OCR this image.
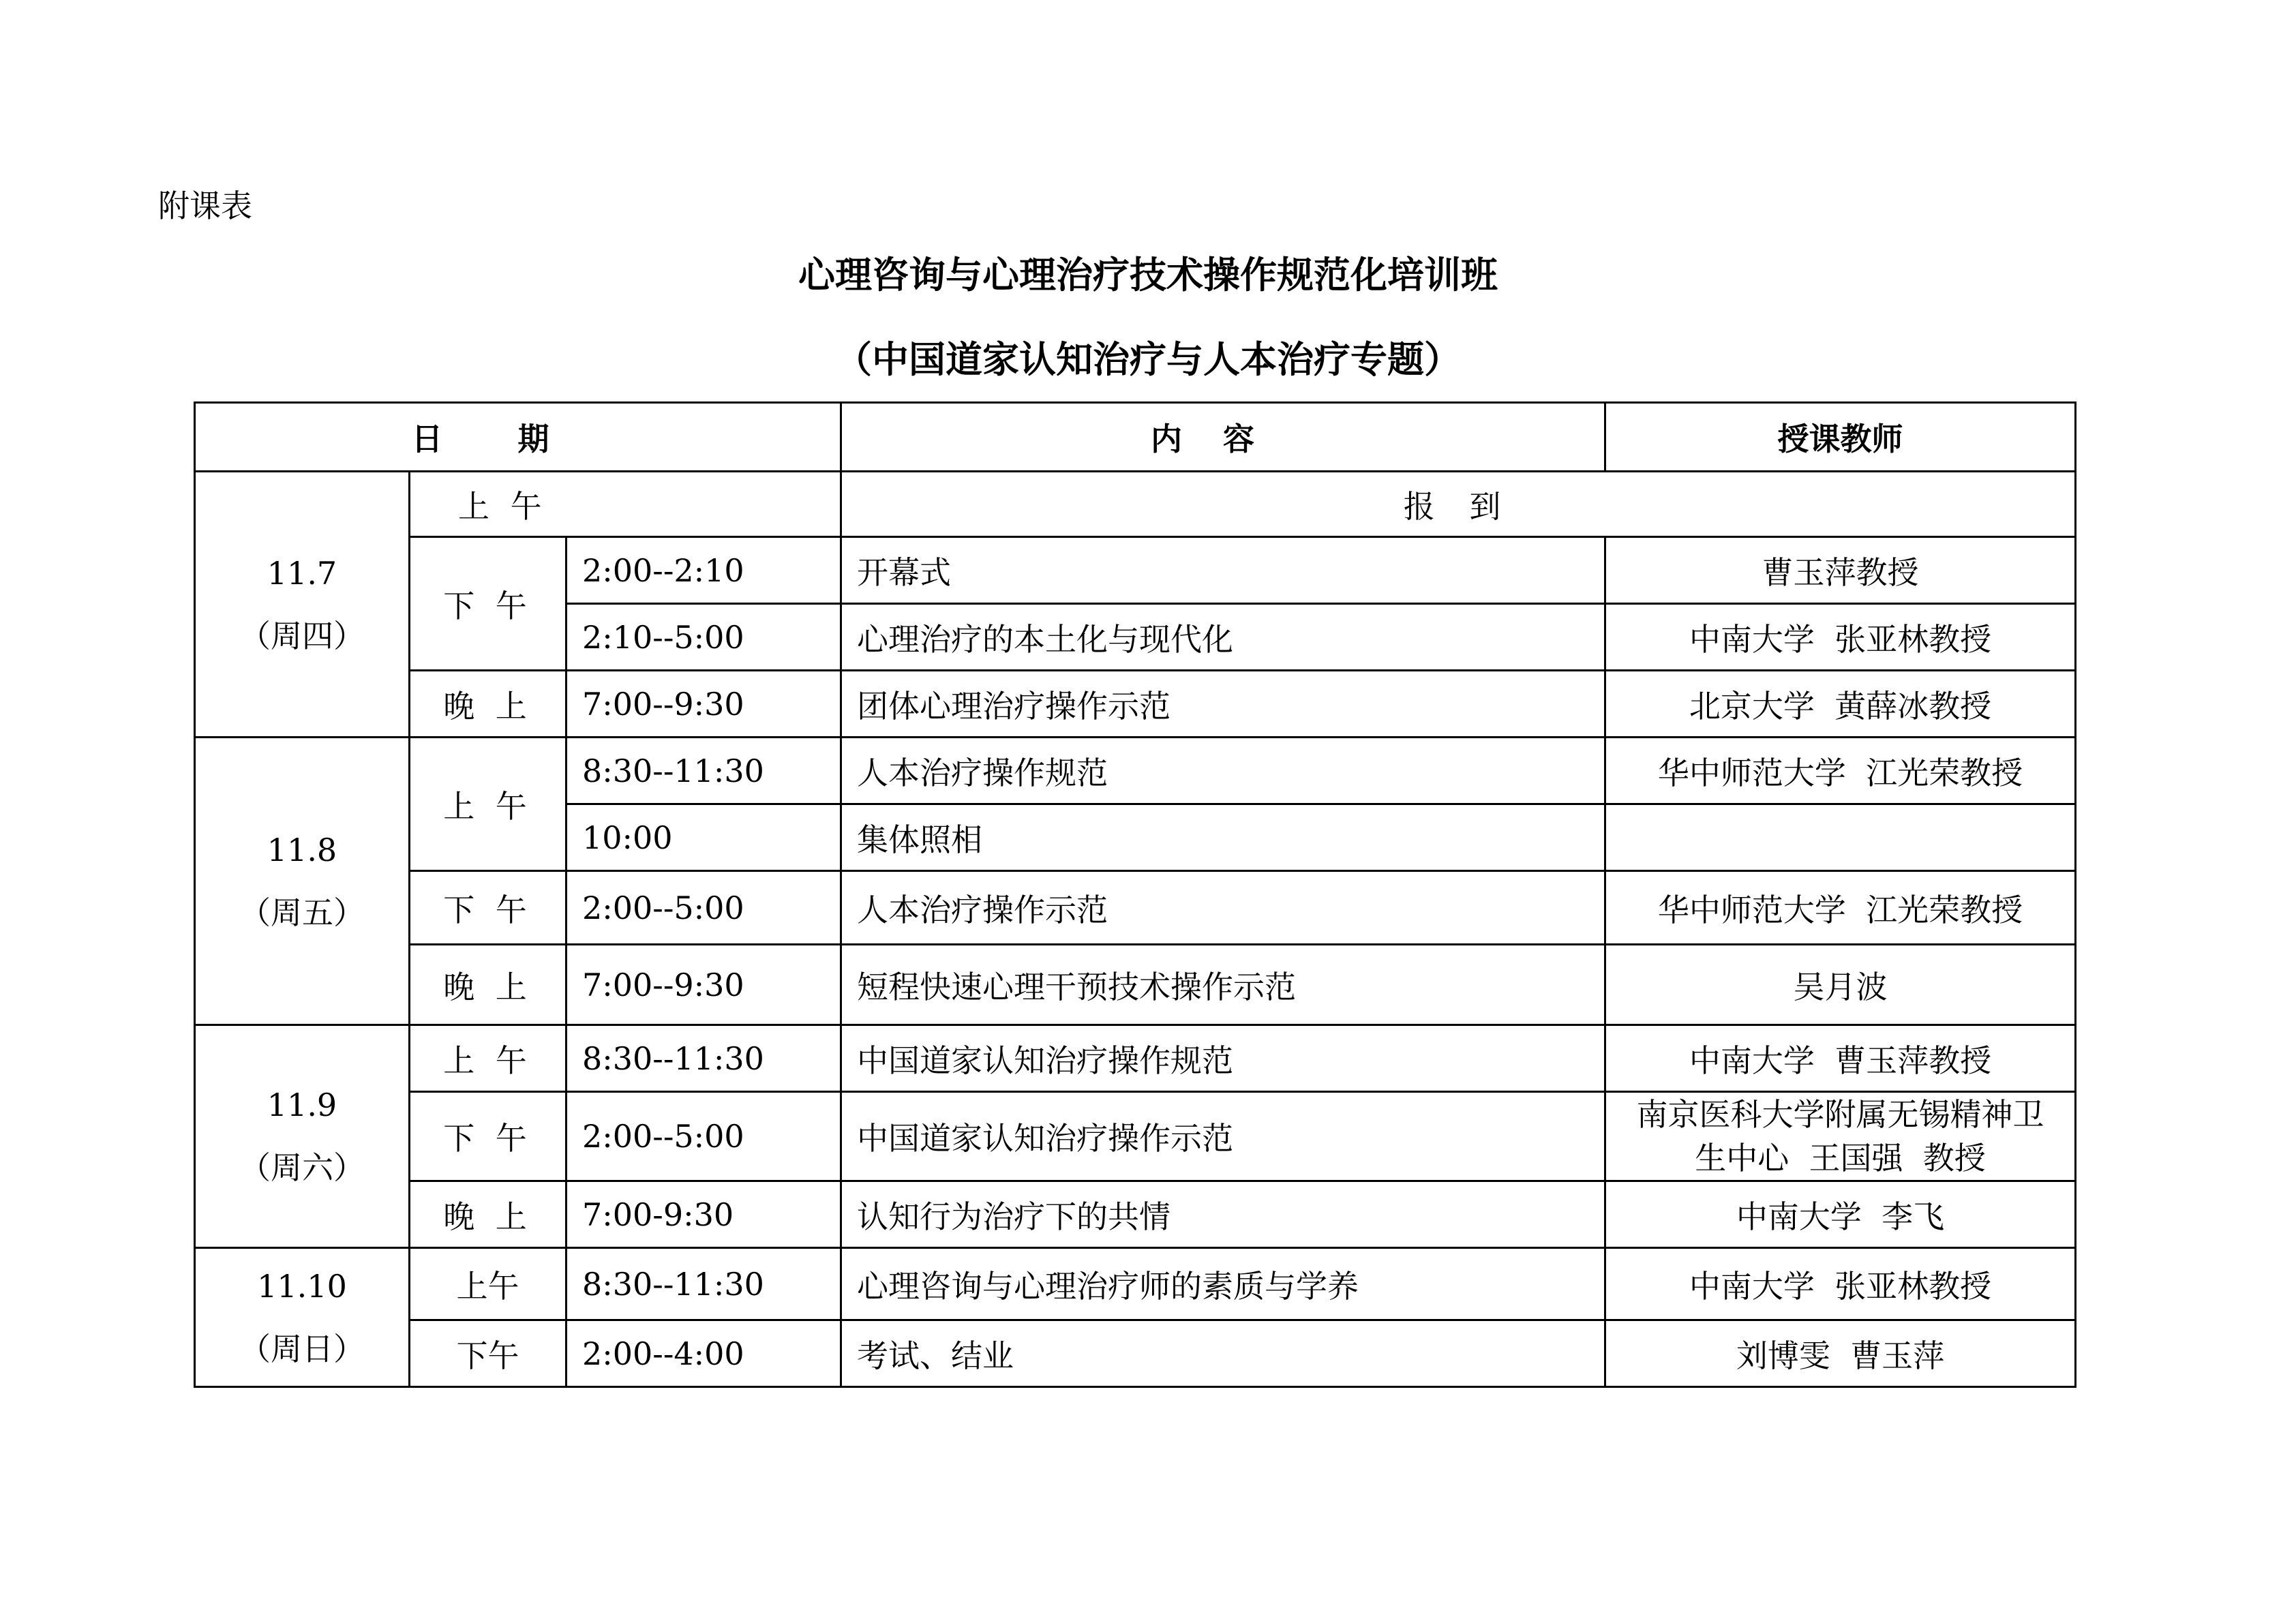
附课表
心理咨询与心理治疗技术操作规范化培训班
（中国道家认知治疗与人本治疗专题）
日期			内容	授课教师

11.7
（周四）	上 午		报 到	
	下 午	2:00--2:10	开幕式	曹玉萍教授
		2:10--5:00	心理治疗的本土化与现代化	中南大学  张亚林教授
	晚 上	7:00--9:30	团体心理治疗操作示范	北京大学  黄薛冰教授

11.8
（周五）	上 午	8:30--11:30	人本治疗操作规范	华中师范大学  江光荣教授
		10:00	集体照相	
	下 午	2:00--5:00	人本治疗操作示范	华中师范大学  江光荣教授
	晚 上	7:00--9:30	短程快速心理干预技术操作示范	吴月波

11.9
（周六）	上 午	8:30--11:30	中国道家认知治疗操作规范	中南大学  曹玉萍教授
	下 午	2:00--5:00	中国道家认知治疗操作示范	南京医科大学附属无锡精神卫
生中心  王国强  教授

	晚 上	7:00-9:30	认知行为治疗下的共情	中南大学  李飞

11.10
（周日）	上午	8:30--11:30	心理咨询与心理治疗师的素质与学养	中南大学  张亚林教授
	下午	2:00--4:00	考试、结业	刘博雯  曹玉萍
